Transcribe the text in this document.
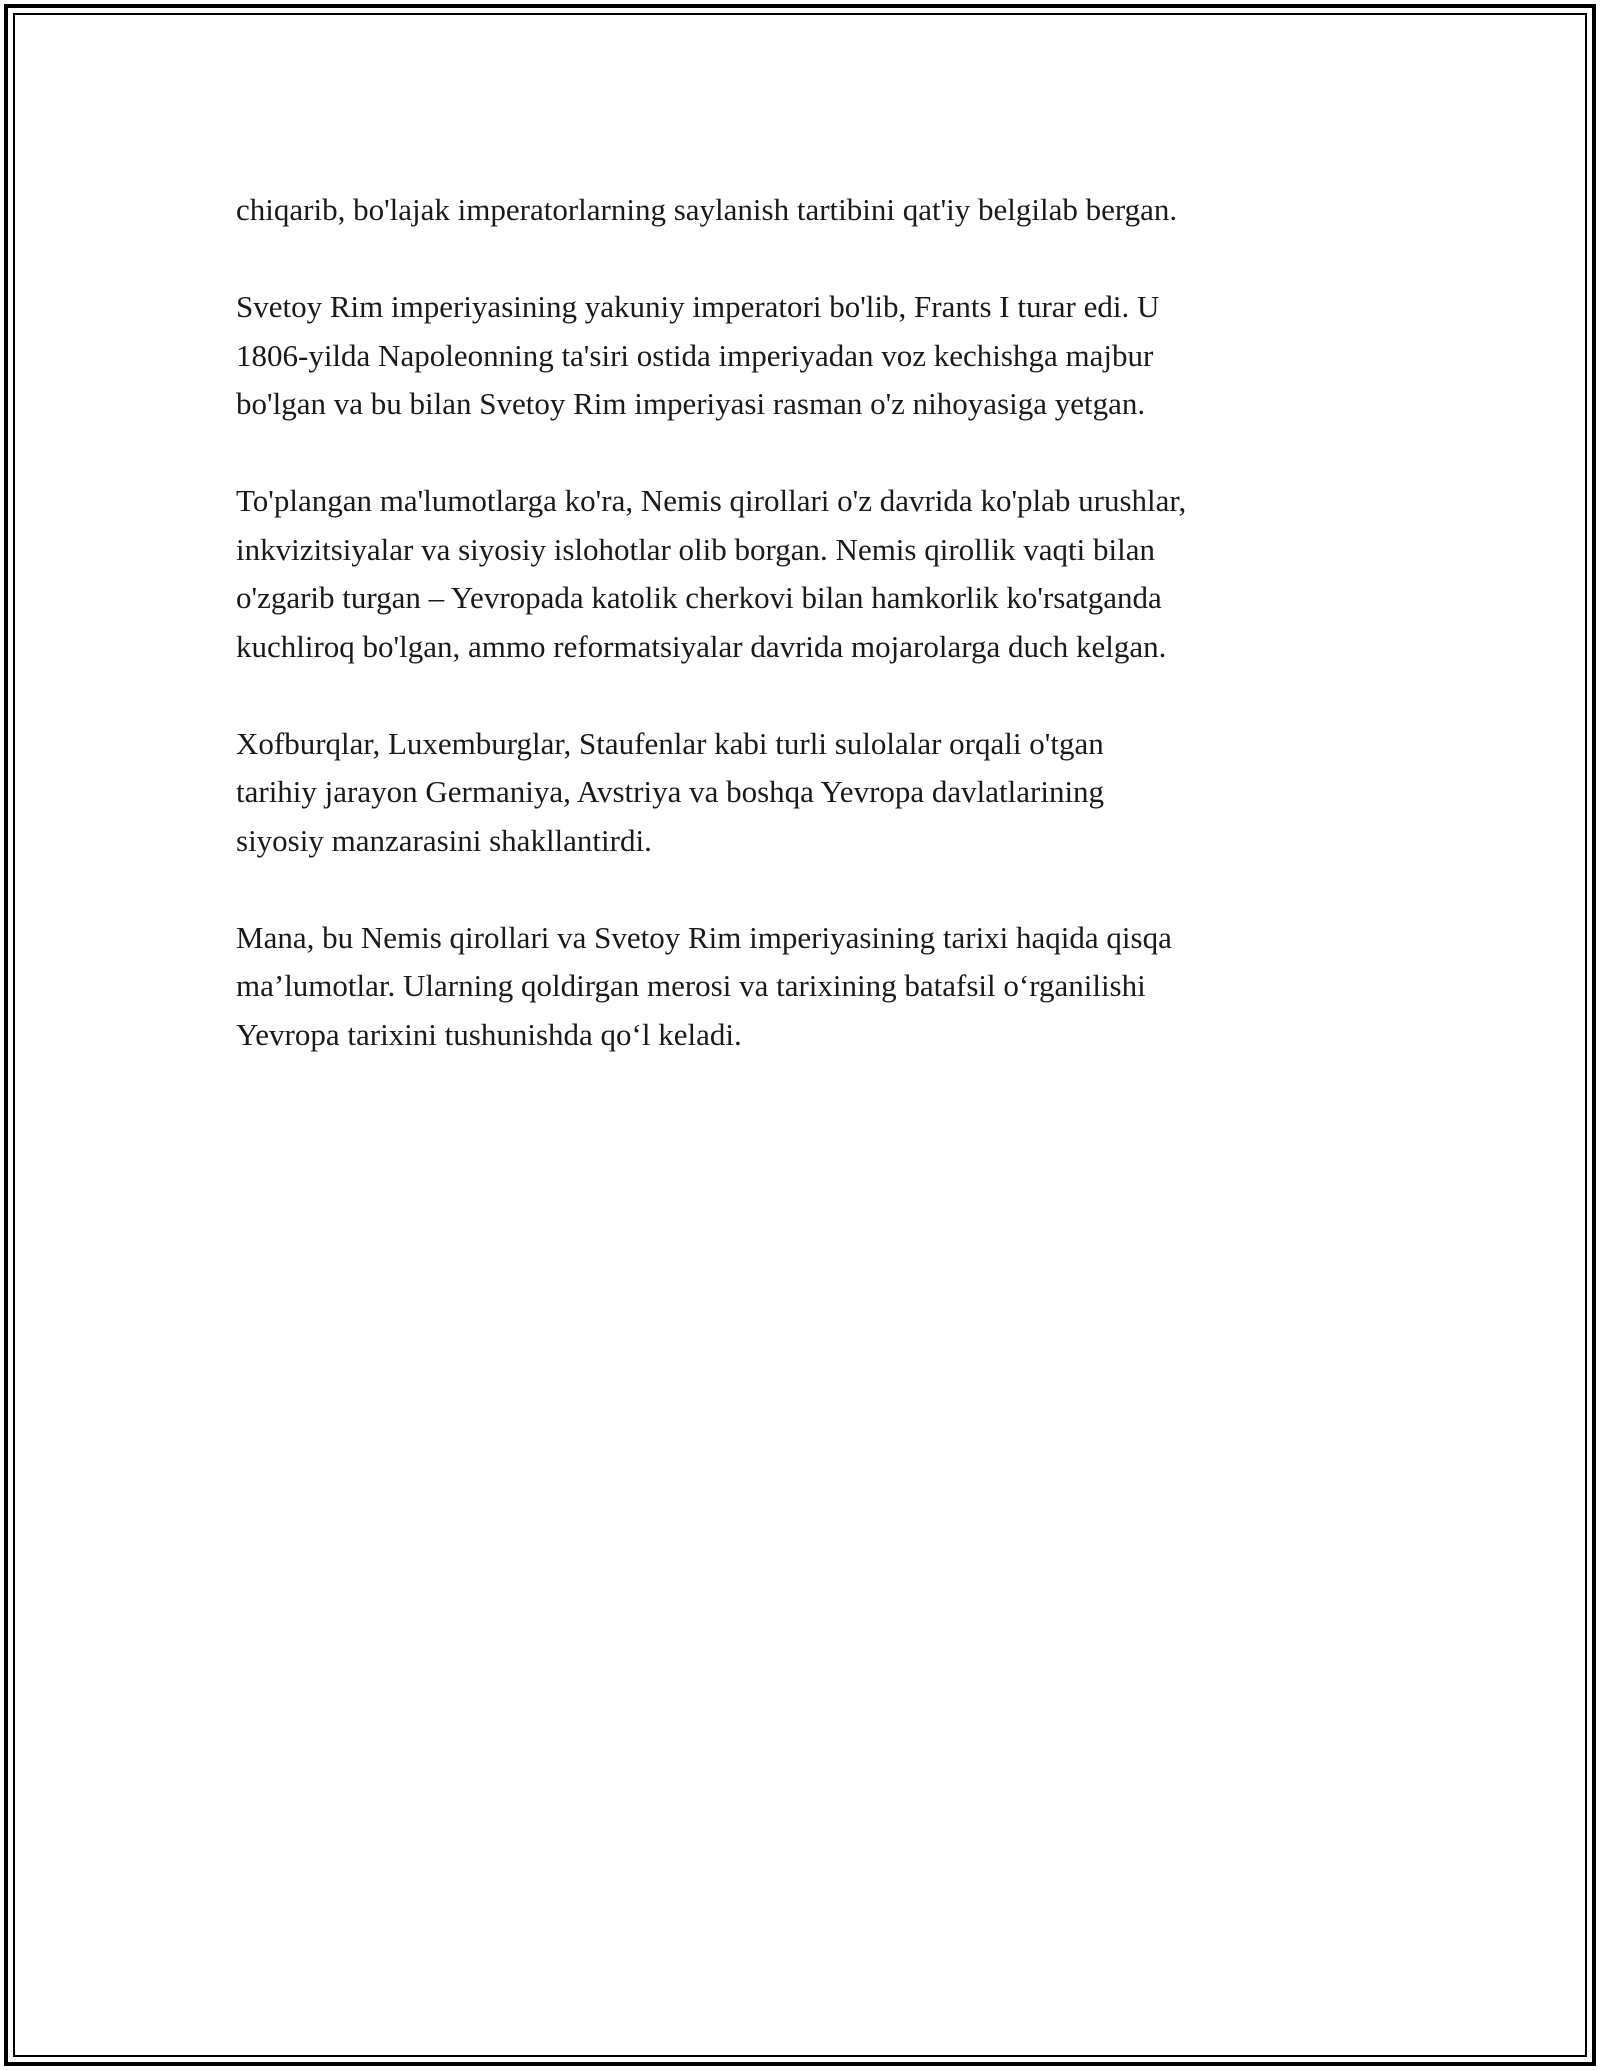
chiqarib, bo'lajak imperatorlarning saylanish tartibini qat'iy belgilab bergan.
Svetoy Rim imperiyasining yakuniy imperatori bo'lib, Frants I turar edi. U
1806-yilda Napoleonning ta'siri ostida imperiyadan voz kechishga majbur
bo'lgan va bu bilan Svetoy Rim imperiyasi rasman o'z nihoyasiga yetgan.
To'plangan ma'lumotlarga ko'ra, Nemis qirollari o'z davrida ko'plab urushlar,
inkvizitsiyalar va siyosiy islohotlar olib borgan. Nemis qirollik vaqti bilan
o'zgarib turgan – Yevropada katolik cherkovi bilan hamkorlik ko'rsatganda
kuchliroq bo'lgan, ammo reformatsiyalar davrida mojarolarga duch kelgan.
Xofburqlar, Luxemburglar, Staufenlar kabi turli sulolalar orqali o'tgan
tarihiy jarayon Germaniya, Avstriya va boshqa Yevropa davlatlarining
siyosiy manzarasini shakllantirdi.
Mana, bu Nemis qirollari va Svetoy Rim imperiyasining tarixi haqida qisqa
ma’lumotlar. Ularning qoldirgan merosi va tarixining batafsil o‘rganilishi
Yevropa tarixini tushunishda qo‘l keladi.
